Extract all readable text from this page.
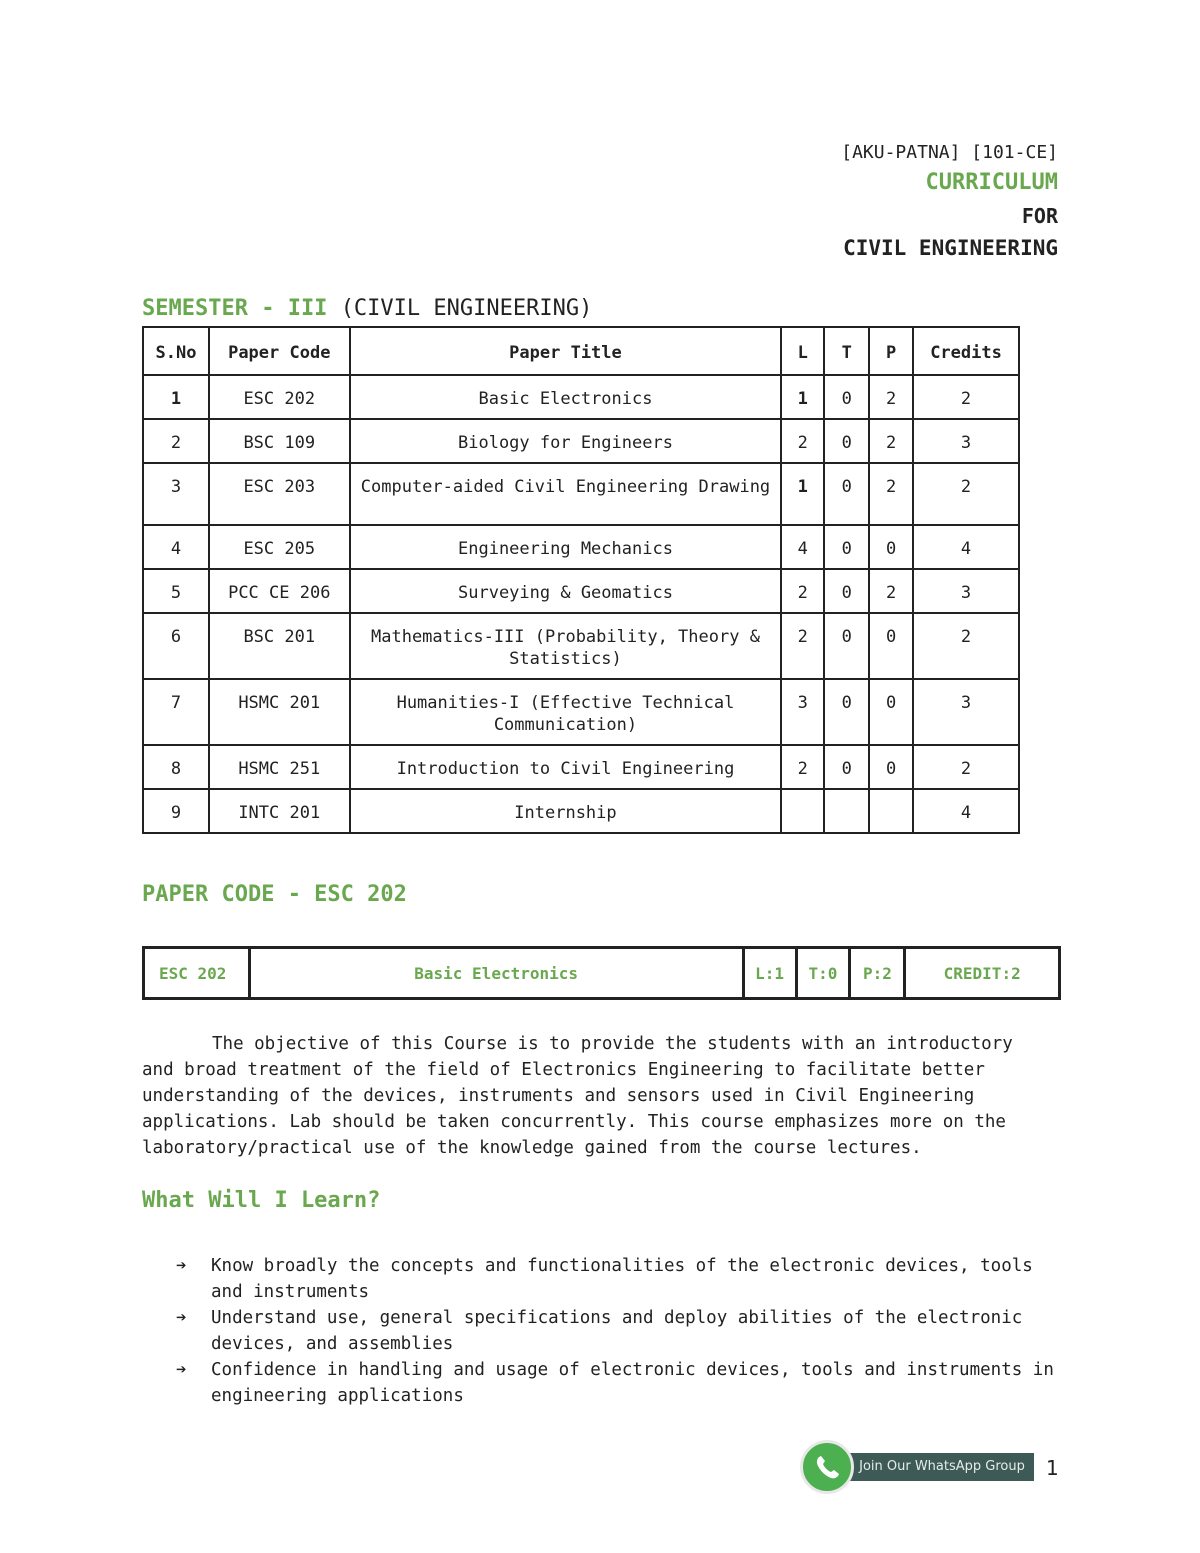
[AKU-PATNA] [101-CE]
CURRICULUM
FOR
CIVIL ENGINEERING
SEMESTER - III (CIVIL ENGINEERING)
S.No	Paper Code	Paper Title	L	T	P	Credits
1	ESC 202	Basic Electronics	1	0	2	2
2	BSC 109	Biology for Engineers	2	0	2	3
3	ESC 203	Computer-aided Civil Engineering Drawing	1	0	2	2
4	ESC 205	Engineering Mechanics	4	0	0	4
5	PCC CE 206	Surveying & Geomatics	2	0	2	3
6	BSC 201	Mathematics-III (Probability, Theory & Statistics)	2	0	0	2
7	HSMC 201	Humanities-I (Effective Technical Communication)	3	0	0	3
8	HSMC 251	Introduction to Civil Engineering	2	0	0	2
9	INTC 201	Internship				4
PAPER CODE - ESC 202
ESC 202	Basic Electronics	L:1	T:0	P:2	CREDIT:2

The objective of this Course is to provide the students with an introductory and broad treatment of the field of Electronics Engineering to facilitate better understanding of the devices, instruments and sensors used in Civil Engineering applications. Lab should be taken concurrently. This course emphasizes more on the laboratory/practical use of the knowledge gained from the course lectures.

What Will I Learn?
➔ Know broadly the concepts and functionalities of the electronic devices, tools and instruments
➔ Understand use, general specifications and deploy abilities of the electronic devices, and assemblies
➔ Confidence in handling and usage of electronic devices, tools and instruments in engineering applications
Join Our WhatsApp Group	1
